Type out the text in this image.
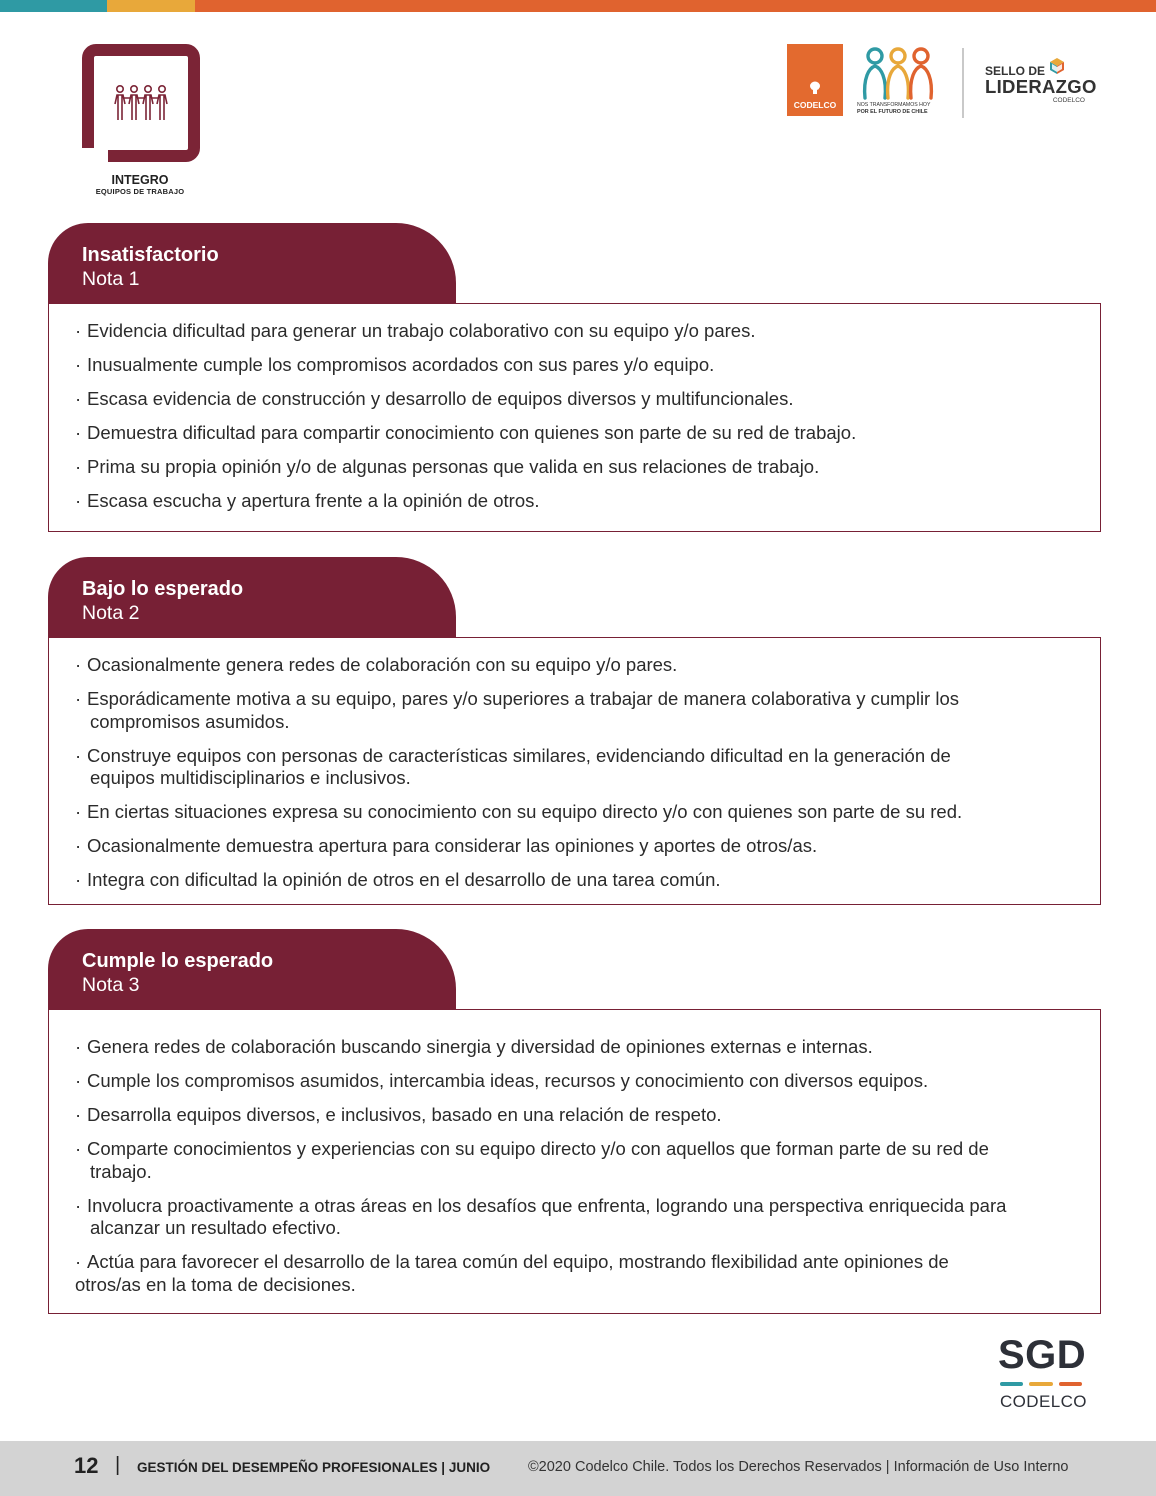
INTEGRO
EQUIPOS DE TRABAJO
CODELCO	NOS TRANSFORMAMOS HOY
POR EL FUTURO DE CHILE
SELLO DE
LIDERAZGO
CODELCO
Insatisfactorio
Nota 1
· Evidencia dificultad para generar un trabajo colaborativo con su equipo y/o pares.
· Inusualmente cumple los compromisos acordados con sus pares y/o equipo.
· Escasa evidencia de construcción y desarrollo de equipos diversos y multifuncionales.
· Demuestra dificultad para compartir conocimiento con quienes son parte de su red de trabajo.
· Prima su propia opinión y/o de algunas personas que valida en sus relaciones de trabajo.
· Escasa escucha y apertura frente a la opinión de otros.
Bajo lo esperado
Nota 2
· Ocasionalmente genera redes de colaboración con su equipo y/o pares.
· Esporádicamente motiva a su equipo, pares y/o superiores a trabajar de manera colaborativa y cumplir los
compromisos asumidos.
· Construye equipos con personas de características similares, evidenciando dificultad en la generación de
equipos multidisciplinarios e inclusivos.
· En ciertas situaciones expresa su conocimiento con su equipo directo y/o con quienes son parte de su red.
· Ocasionalmente demuestra apertura para considerar las opiniones y aportes de otros/as.
· Integra con dificultad la opinión de otros en el desarrollo de una tarea común.
Cumple lo esperado
Nota 3
· Genera redes de colaboración buscando sinergia y diversidad de opiniones externas e internas.
· Cumple los compromisos asumidos, intercambia ideas, recursos y conocimiento con diversos equipos.
· Desarrolla equipos diversos, e inclusivos, basado en una relación de respeto.
· Comparte conocimientos y experiencias con su equipo directo y/o con aquellos que forman parte de su red de
trabajo.
· Involucra proactivamente a otras áreas en los desafíos que enfrenta, logrando una perspectiva enriquecida para
alcanzar un resultado efectivo.
· Actúa para favorecer el desarrollo de la tarea común del equipo, mostrando flexibilidad ante opiniones de
otros/as en la toma de decisiones.
SGD
CODELCO
12 | GESTIÓN DEL DESEMPEÑO PROFESIONALES | JUNIO	©2020 Codelco Chile. Todos los Derechos Reservados | Información de Uso Interno
